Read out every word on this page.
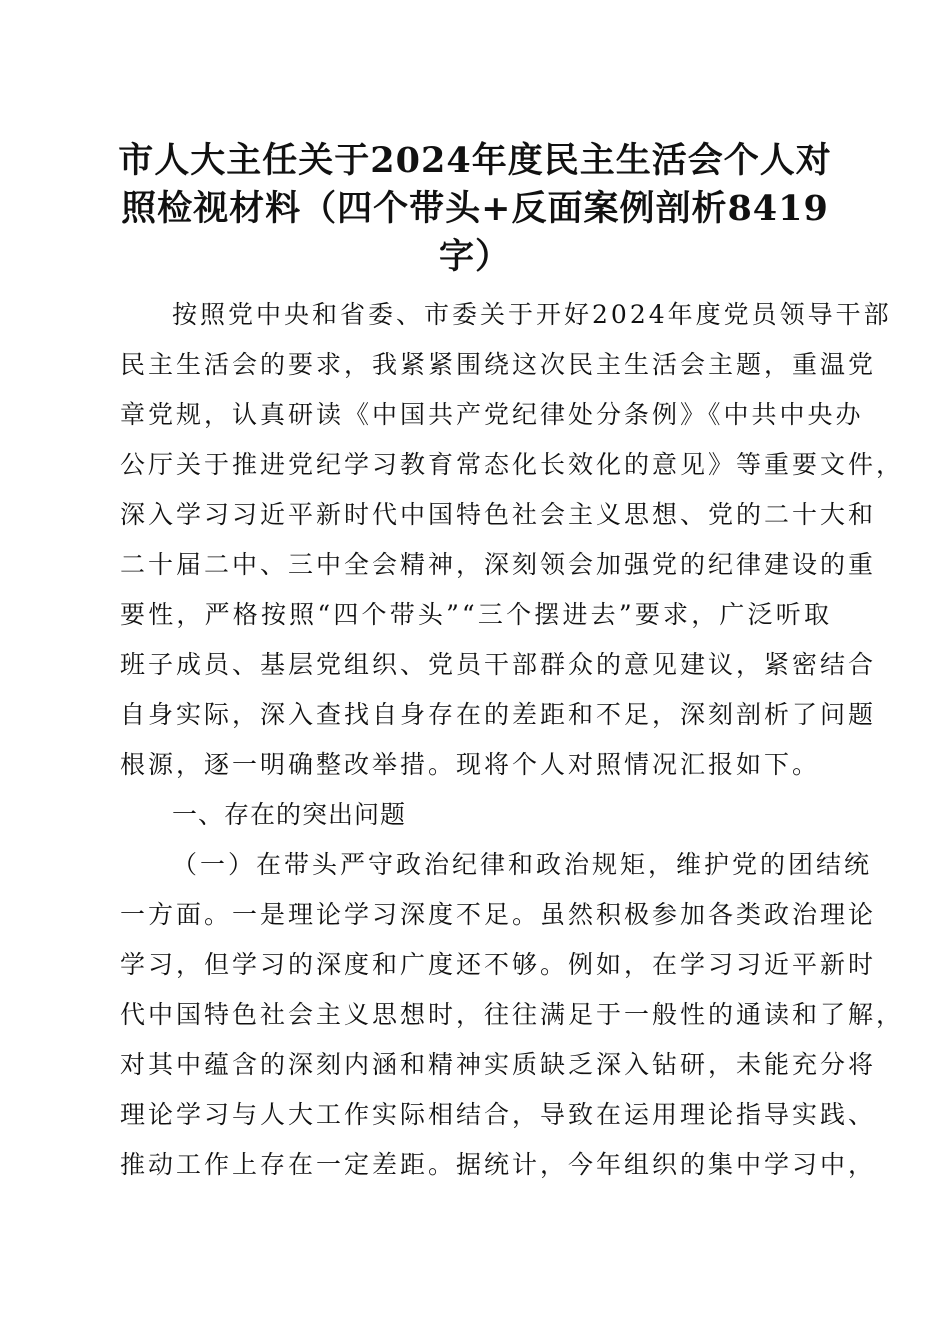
市人大主任关于2024年度民主生活会个人对
照检视材料（四个带头+反面案例剖析8419
字）
按照党中央和省委、市委关于开好2024年度党员领导干部
民主生活会的要求，我紧紧围绕这次民主生活会主题，重温党
章党规，认真研读《中国共产党纪律处分条例》《中共中央办
公厅关于推进党纪学习教育常态化长效化的意见》等重要文件，
深入学习习近平新时代中国特色社会主义思想、党的二十大和
二十届二中、三中全会精神，深刻领会加强党的纪律建设的重
要性，严格按照“四个带头”“三个摆进去”要求，广泛听取
班子成员、基层党组织、党员干部群众的意见建议，紧密结合
自身实际，深入查找自身存在的差距和不足，深刻剖析了问题
根源，逐一明确整改举措。现将个人对照情况汇报如下。
一、存在的突出问题
（一）在带头严守政治纪律和政治规矩，维护党的团结统
一方面。一是理论学习深度不足。虽然积极参加各类政治理论
学习，但学习的深度和广度还不够。例如，在学习习近平新时
代中国特色社会主义思想时，往往满足于一般性的通读和了解，
对其中蕴含的深刻内涵和精神实质缺乏深入钻研，未能充分将
理论学习与人大工作实际相结合，导致在运用理论指导实践、
推动工作上存在一定差距。据统计，今年组织的集中学习中，
